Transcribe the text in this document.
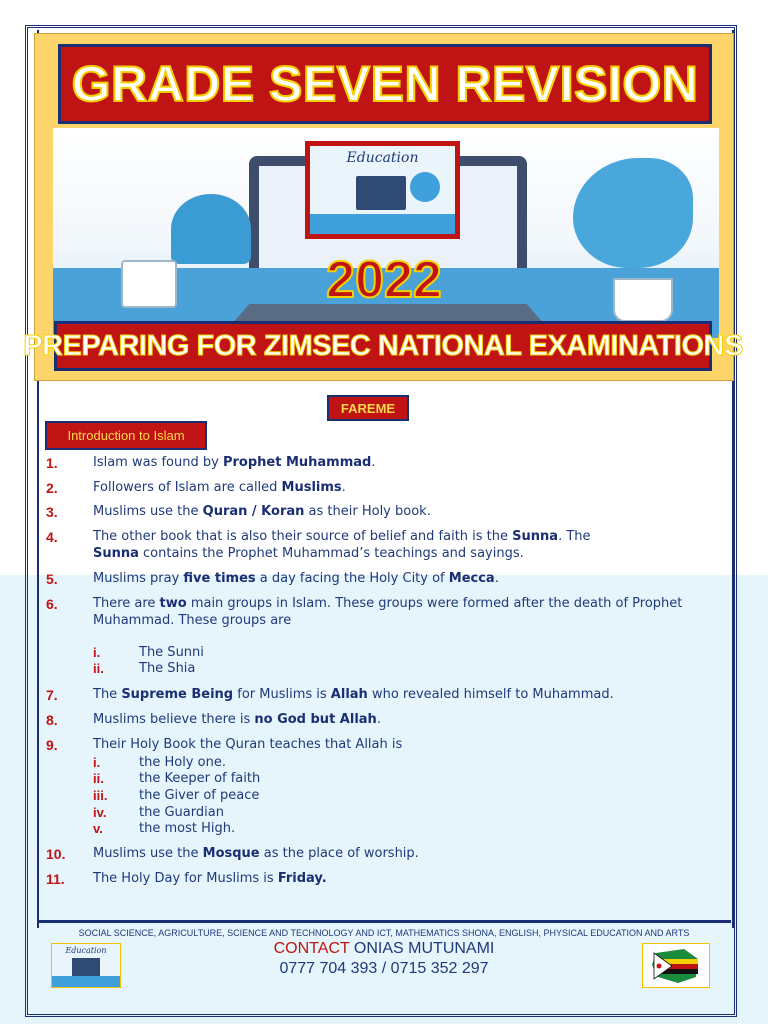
GRADE SEVEN REVISION
Education
2022
PREPARING FOR ZIMSEC NATIONAL EXAMINATIONS
FAREME
Introduction to Islam
1.	Islam was found by Prophet Muhammad.
2.	Followers of Islam are called Muslims.
3.	Muslims use the Quran / Koran as their Holy book.
4.	The other book that is also their source of belief and faith is the Sunna. The Sunna contains the Prophet Muhammad’s teachings and sayings.
5.	Muslims pray five times a day facing the Holy City of Mecca.
6.	There are two main groups in Islam. These groups were formed after the death of Prophet Muhammad. These groups are
i.	The Sunni
ii.	The Shia
7.	The Supreme Being for Muslims is Allah who revealed himself to Muhammad.
8.	Muslims believe there is no God but Allah.
9.	Their Holy Book the Quran teaches that Allah is
i.	the Holy one.
ii.	the Keeper of faith
iii. the Giver of peace
iv.	the Guardian
v.	the most High.
10. Muslims use the Mosque as the place of worship.
11. The Holy Day for Muslims is Friday.
SOCIAL SCIENCE, AGRICULTURE, SCIENCE AND TECHNOLOGY AND ICT, MATHEMATICS SHONA, ENGLISH, PHYSICAL EDUCATION AND ARTS
CONTACT ONIAS MUTUNAMI
0777 704 393 / 0715 352 297
Education
